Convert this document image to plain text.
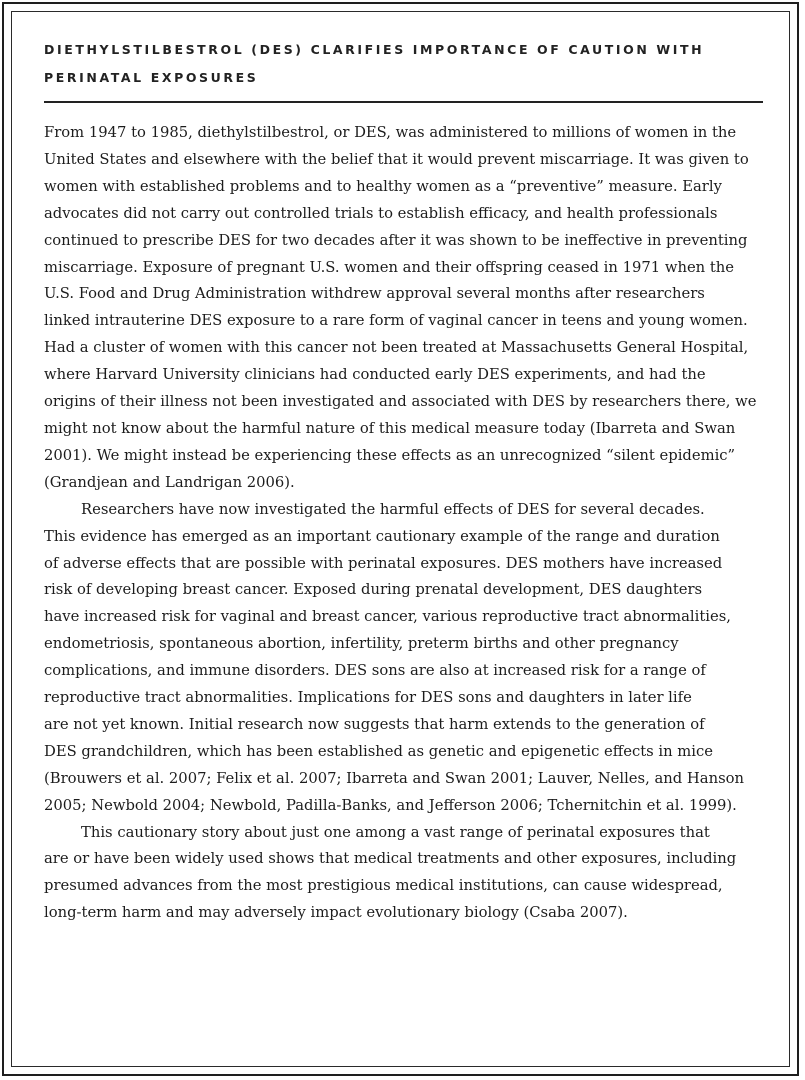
DIETHYLSTILBESTROL (DES) CLARIFIES IMPORTANCE OF CAUTION WITH PERINATAL EXPOSURES

From 1947 to 1985, diethylstilbestrol, or DES, was administered to millions of women in the
United States and elsewhere with the belief that it would prevent miscarriage. It was given to
women with established problems and to healthy women as a “preventive” measure. Early
advocates did not carry out controlled trials to establish efficacy, and health professionals
continued to prescribe DES for two decades after it was shown to be ineffective in preventing
miscarriage. Exposure of pregnant U.S. women and their offspring ceased in 1971 when the
U.S. Food and Drug Administration withdrew approval several months after researchers
linked intrauterine DES exposure to a rare form of vaginal cancer in teens and young women.
Had a cluster of women with this cancer not been treated at Massachusetts General Hospital,
where Harvard University clinicians had conducted early DES experiments, and had the
origins of their illness not been investigated and associated with DES by researchers there, we
might not know about the harmful nature of this medical measure today (Ibarreta and Swan
2001). We might instead be experiencing these effects as an unrecognized “silent epidemic”
(Grandjean and Landrigan 2006).

Researchers have now investigated the harmful effects of DES for several decades.
This evidence has emerged as an important cautionary example of the range and duration
of adverse effects that are possible with perinatal exposures. DES mothers have increased
risk of developing breast cancer. Exposed during prenatal development, DES daughters
have increased risk for vaginal and breast cancer, various reproductive tract abnormalities,
endometriosis, spontaneous abortion, infertility, preterm births and other pregnancy
complications, and immune disorders. DES sons are also at increased risk for a range of
reproductive tract abnormalities. Implications for DES sons and daughters in later life
are not yet known. Initial research now suggests that harm extends to the generation of
DES grandchildren, which has been established as genetic and epigenetic effects in mice
(Brouwers et al. 2007; Felix et al. 2007; Ibarreta and Swan 2001; Lauver, Nelles, and Hanson
2005; Newbold 2004; Newbold, Padilla-Banks, and Jefferson 2006; Tchernitchin et al. 1999).

This cautionary story about just one among a vast range of perinatal exposures that
are or have been widely used shows that medical treatments and other exposures, including
presumed advances from the most prestigious medical institutions, can cause widespread,
long-term harm and may adversely impact evolutionary biology (Csaba 2007).
